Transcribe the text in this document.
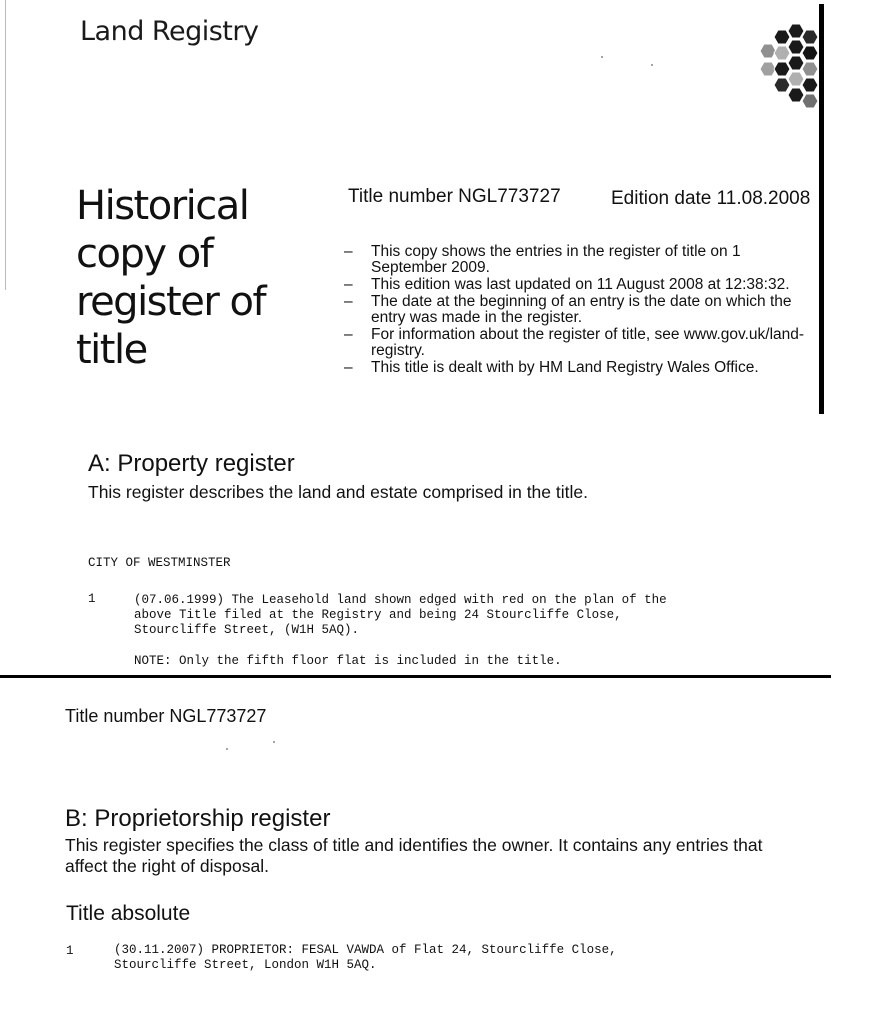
Land Registry
Historical copy of register of title
Title number NGL773727	Edition date 11.08.2008
–	This copy shows the entries in the register of title on 1 September 2009.
–	This edition was last updated on 11 August 2008 at 12:38:32.
–	The date at the beginning of an entry is the date on which the entry was made in the register.
–	For information about the register of title, see www.gov.uk/land-registry.
–	This title is dealt with by HM Land Registry Wales Office.
A: Property register
This register describes the land and estate comprised in the title.
CITY OF WESTMINSTER
1	(07.06.1999) The Leasehold land shown edged with red on the plan of the
above Title filed at the Registry and being 24 Stourcliffe Close,
Stourcliffe Street, (W1H 5AQ).
NOTE: Only the fifth floor flat is included in the title.
Title number NGL773727
B: Proprietorship register
This register specifies the class of title and identifies the owner. It contains any entries that affect the right of disposal.
Title absolute
1	(30.11.2007) PROPRIETOR: FESAL VAWDA of Flat 24, Stourcliffe Close,
Stourcliffe Street, London W1H 5AQ.
